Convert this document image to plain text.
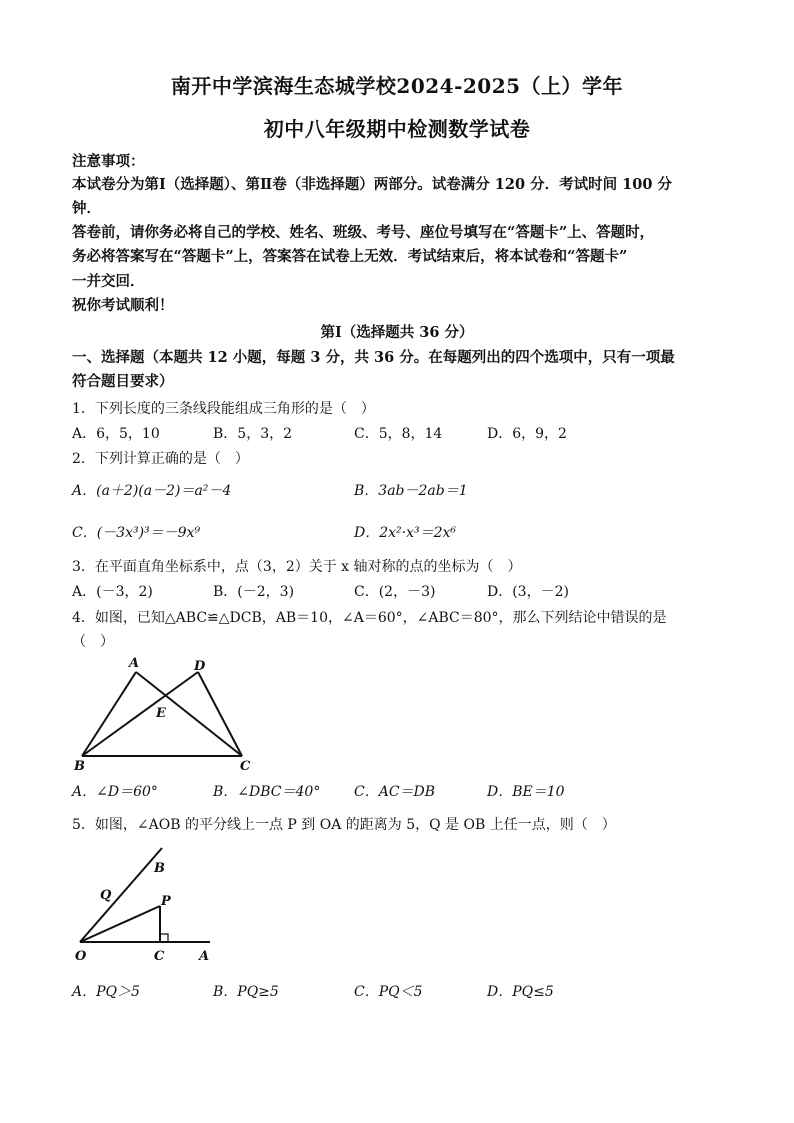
南开中学滨海生态城学校2024-2025（上）学年
初中八年级期中检测数学试卷
注意事项：
本试卷分为第Ⅰ（选择题）、第Ⅱ卷（非选择题）两部分。试卷满分 120 分．考试时间 100 分
钟．
答卷前，请你务必将自己的学校、姓名、班级、考号、座位号填写在“答题卡”上、答题时，
务必将答案写在“答题卡”上，答案答在试卷上无效．考试结束后，将本试卷和“答题卡”
一并交回．
祝你考试顺利！
第Ⅰ（选择题共 36 分）
一、选择题（本题共 12 小题，每题 3 分，共 36 分。在每题列出的四个选项中，只有一项最
符合题目要求）
1．下列长度的三条线段能组成三角形的是（　）
A．6，5，10	B．5，3，2	C．5，8，14	D．6，9，2
2．下列计算正确的是（　）
A．(a＋2)(a－2)＝a²－4	B．3ab－2ab＝1
C．(－3x³)³＝－9x⁹	D．2x²·x³＝2x⁶
3．在平面直角坐标系中，点（3，2）关于 x 轴对称的点的坐标为（　）
A．(－3，2)	B．(－2，3)	C．(2，－3)	D．(3，－2)
4．如图，已知△ABC≌△DCB，AB＝10，∠A＝60°，∠ABC＝80°，那么下列结论中错误的是
（　）
A	D
E
B	C
A．∠D＝60°	B．∠DBC＝40° C．AC＝DB	D．BE＝10
5．如图，∠AOB 的平分线上一点 P 到 OA 的距离为 5，Q 是 OB 上任一点，则（　）
B
Q	P
O	C	A
A．PQ＞5	B．PQ≥5	C．PQ＜5	D．PQ≤5
